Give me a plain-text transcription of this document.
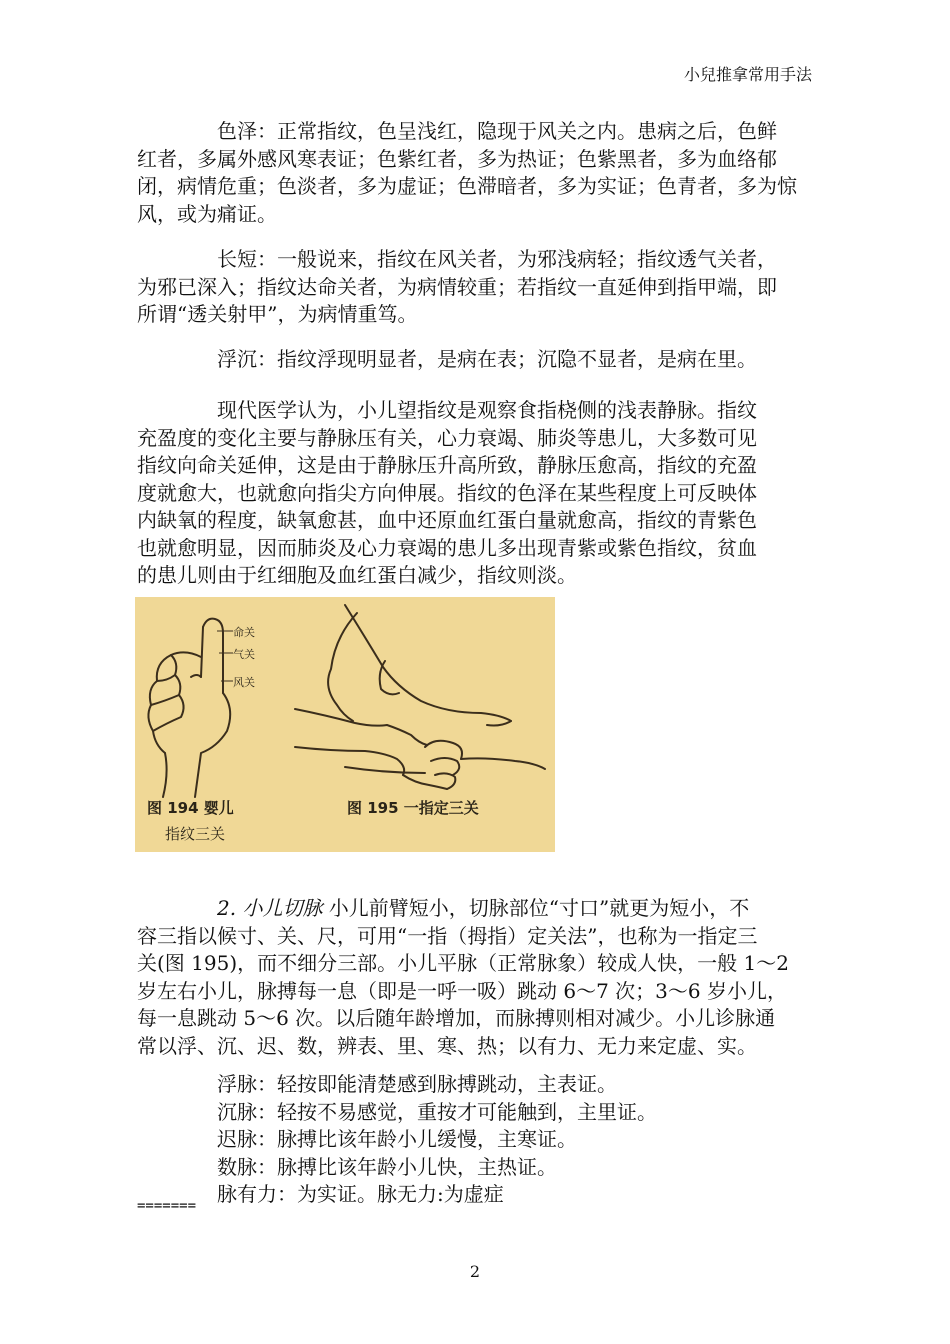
小兒推拿常用手法
色泽：正常指纹，色呈浅红，隐现于风关之内。患病之后，色鲜
红者，多属外感风寒表证；色紫红者，多为热证；色紫黑者，多为血络郁
闭，病情危重；色淡者，多为虚证；色滞暗者，多为实证；色青者，多为惊
风，或为痛证。
长短：一般说来，指纹在风关者，为邪浅病轻；指纹透气关者，
为邪已深入；指纹达命关者，为病情较重；若指纹一直延伸到指甲端，即
所谓“透关射甲”，为病情重笃。
浮沉：指纹浮现明显者，是病在表；沉隐不显者，是病在里。
现代医学认为，小儿望指纹是观察食指桡侧的浅表静脉。指纹
充盈度的变化主要与静脉压有关，心力衰竭、肺炎等患儿，大多数可见
指纹向命关延伸，这是由于静脉压升高所致，静脉压愈高，指纹的充盈
度就愈大，也就愈向指尖方向伸展。指纹的色泽在某些程度上可反映体
内缺氧的程度，缺氧愈甚，血中还原血红蛋白量就愈高，指纹的青紫色
也就愈明显，因而肺炎及心力衰竭的患儿多出现青紫或紫色指纹，贫血
的患儿则由于红细胞及血红蛋白减少，指纹则淡。
命关
气关
风关
图 194 婴儿
指纹三关
图 195 一指定三关
2. 小儿切脉 小儿前臂短小，切脉部位“寸口”就更为短小，不
容三指以候寸、关、尺，可用“一指（拇指）定关法”，也称为一指定三
关(图 195)，而不细分三部。小儿平脉（正常脉象）较成人快，一般 1～2
岁左右小儿，脉搏每一息（即是一呼一吸）跳动 6～7 次；3～6 岁小儿，
每一息跳动 5～6 次。以后随年龄增加，而脉搏则相对减少。小儿诊脉通
常以浮、沉、迟、数，辨表、里、寒、热；以有力、无力来定虚、实。
浮脉：轻按即能清楚感到脉搏跳动，主表证。
沉脉：轻按不易感觉，重按才可能触到，主里证。
迟脉：脉搏比该年龄小儿缓慢，主寒证。
数脉：脉搏比该年龄小儿快，主热证。
脉有力：为实证。脉无力:为虚症
=======
2
